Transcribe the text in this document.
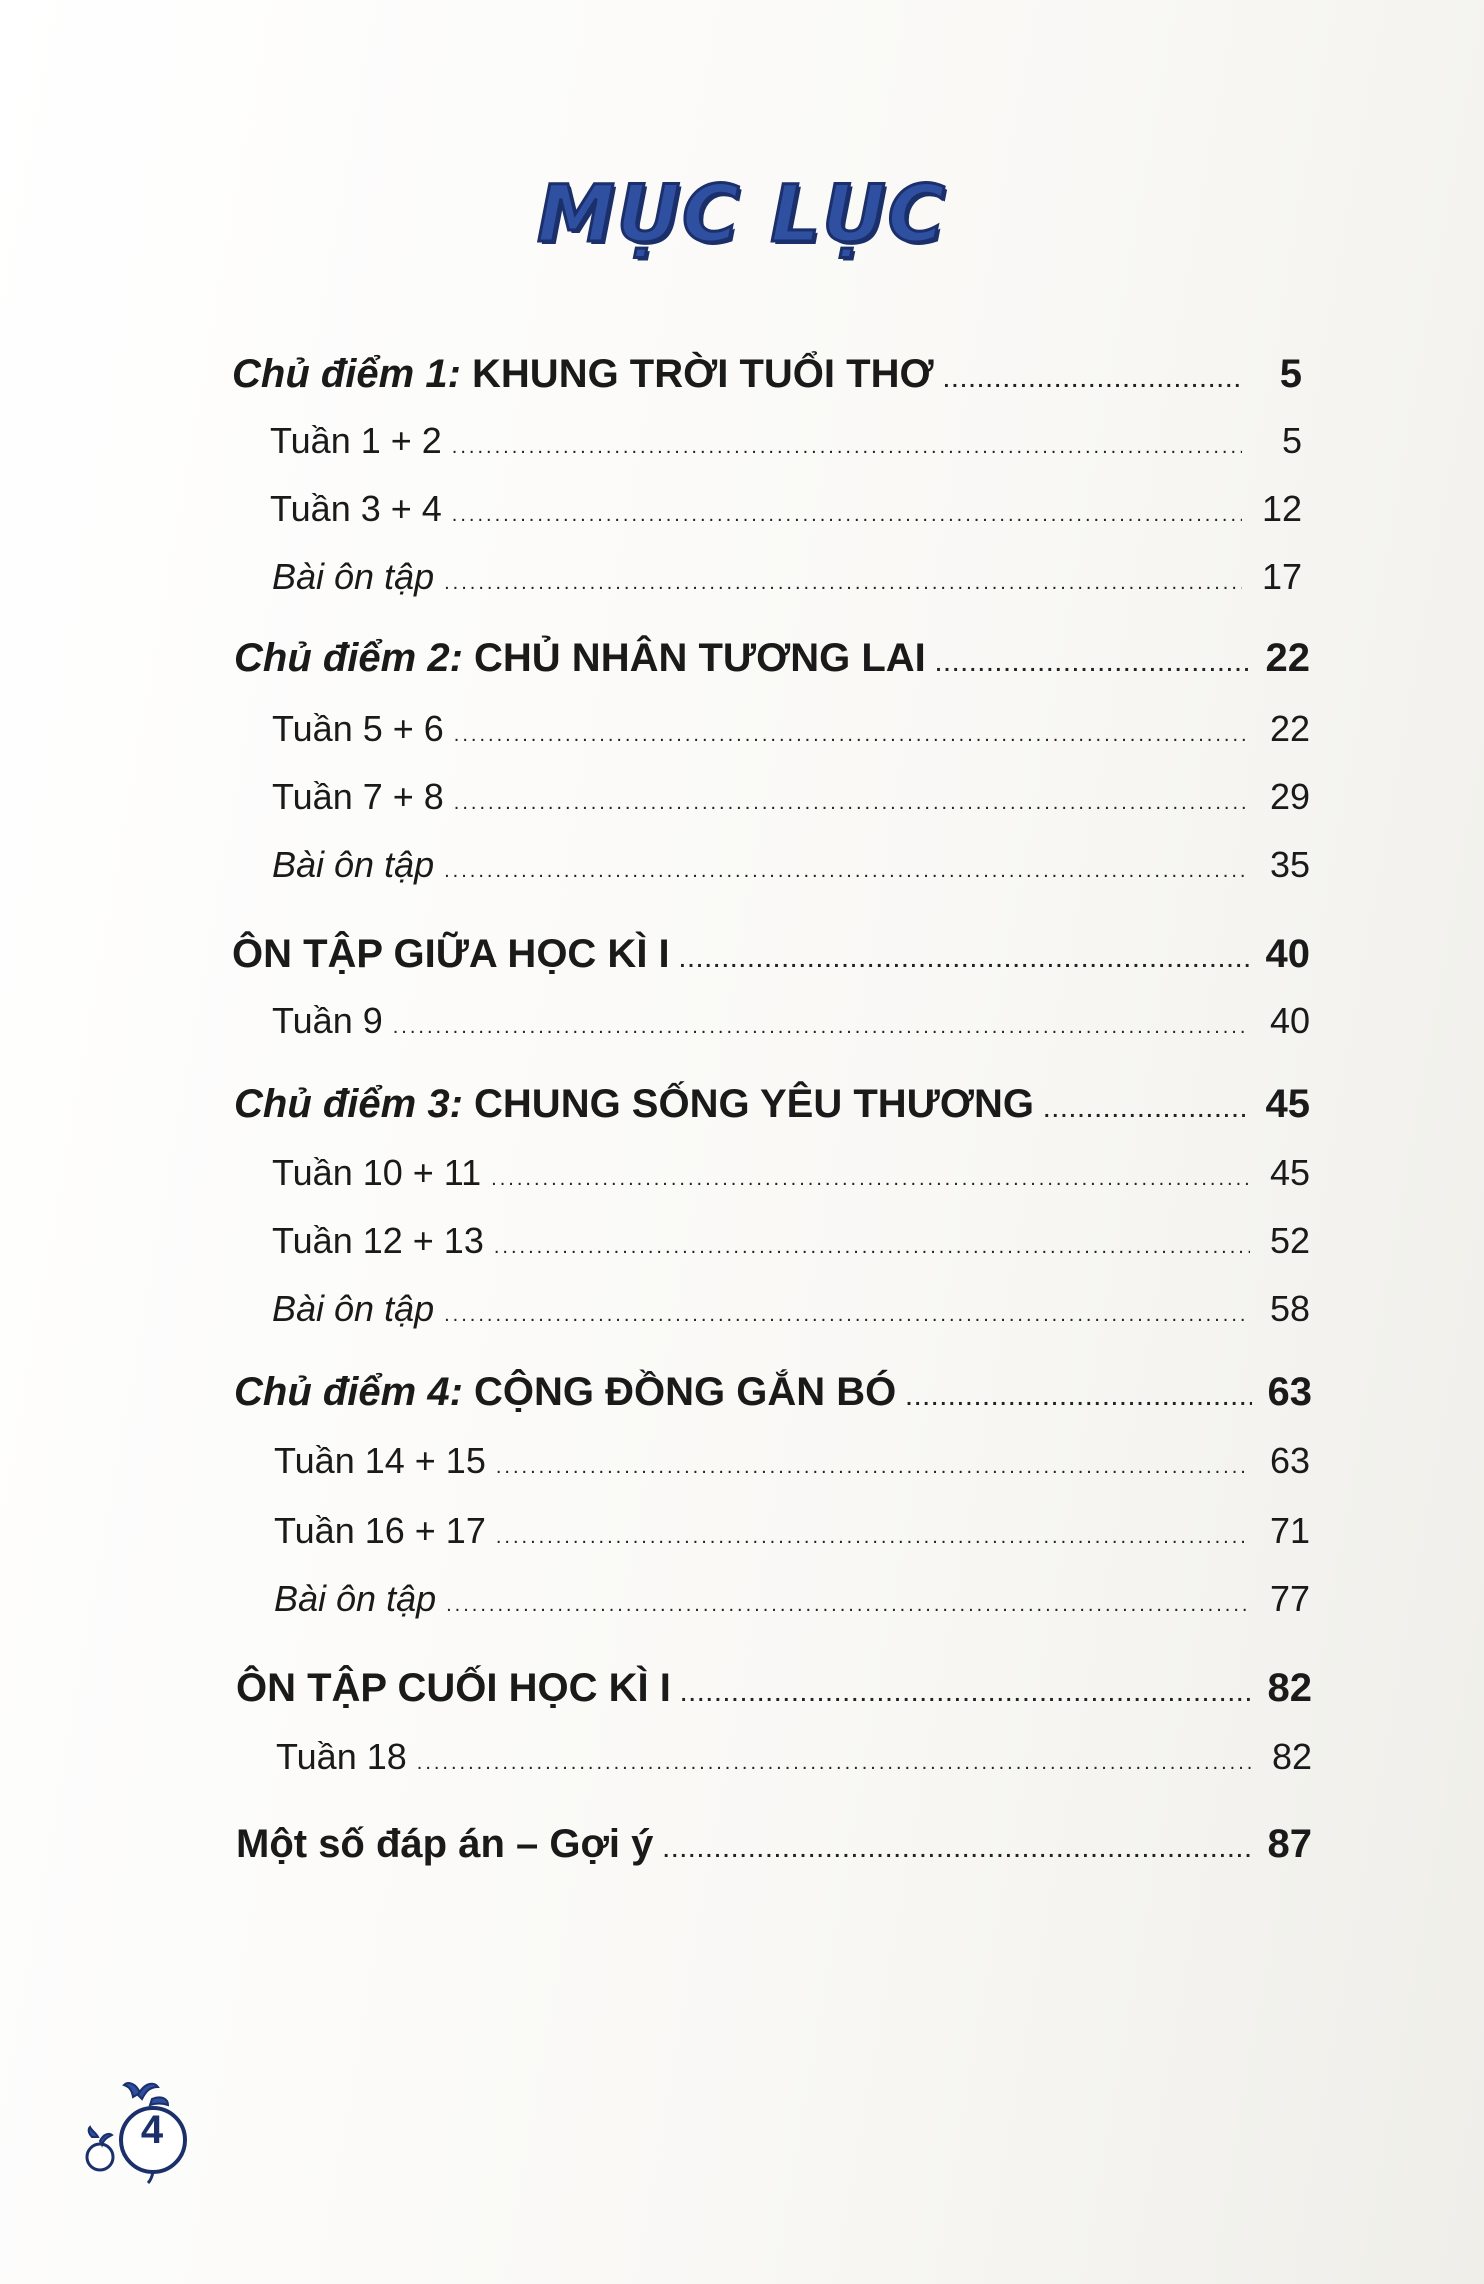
MỤC LỤC
Chủ điểm 1: KHUNG TRỜI TUỔI THƠ .....	5
Tuần 1 + 2 .....	5
Tuần 3 + 4 .....	12
Bài ôn tập .....	17
Chủ điểm 2: CHỦ NHÂN TƯƠNG LAI .....	22
Tuần 5 + 6 .....	22
Tuần 7 + 8 .....	29
Bài ôn tập .....	35
ÔN TẬP GIỮA HỌC KÌ I .....	40
Tuần 9 .....	40
Chủ điểm 3: CHUNG SỐNG YÊU THƯƠNG .....	45
Tuần 10 + 11 .....	45
Tuần 12 + 13 .....	52
Bài ôn tập .....	58
Chủ điểm 4: CỘNG ĐỒNG GẮN BÓ .....	63
Tuần 14 + 15 .....	63
Tuần 16 + 17 .....	71
Bài ôn tập .....	77
ÔN TẬP CUỐI HỌC KÌ I .....	82
Tuần 18 .....	82
Một số đáp án – Gợi ý .....	87
4
